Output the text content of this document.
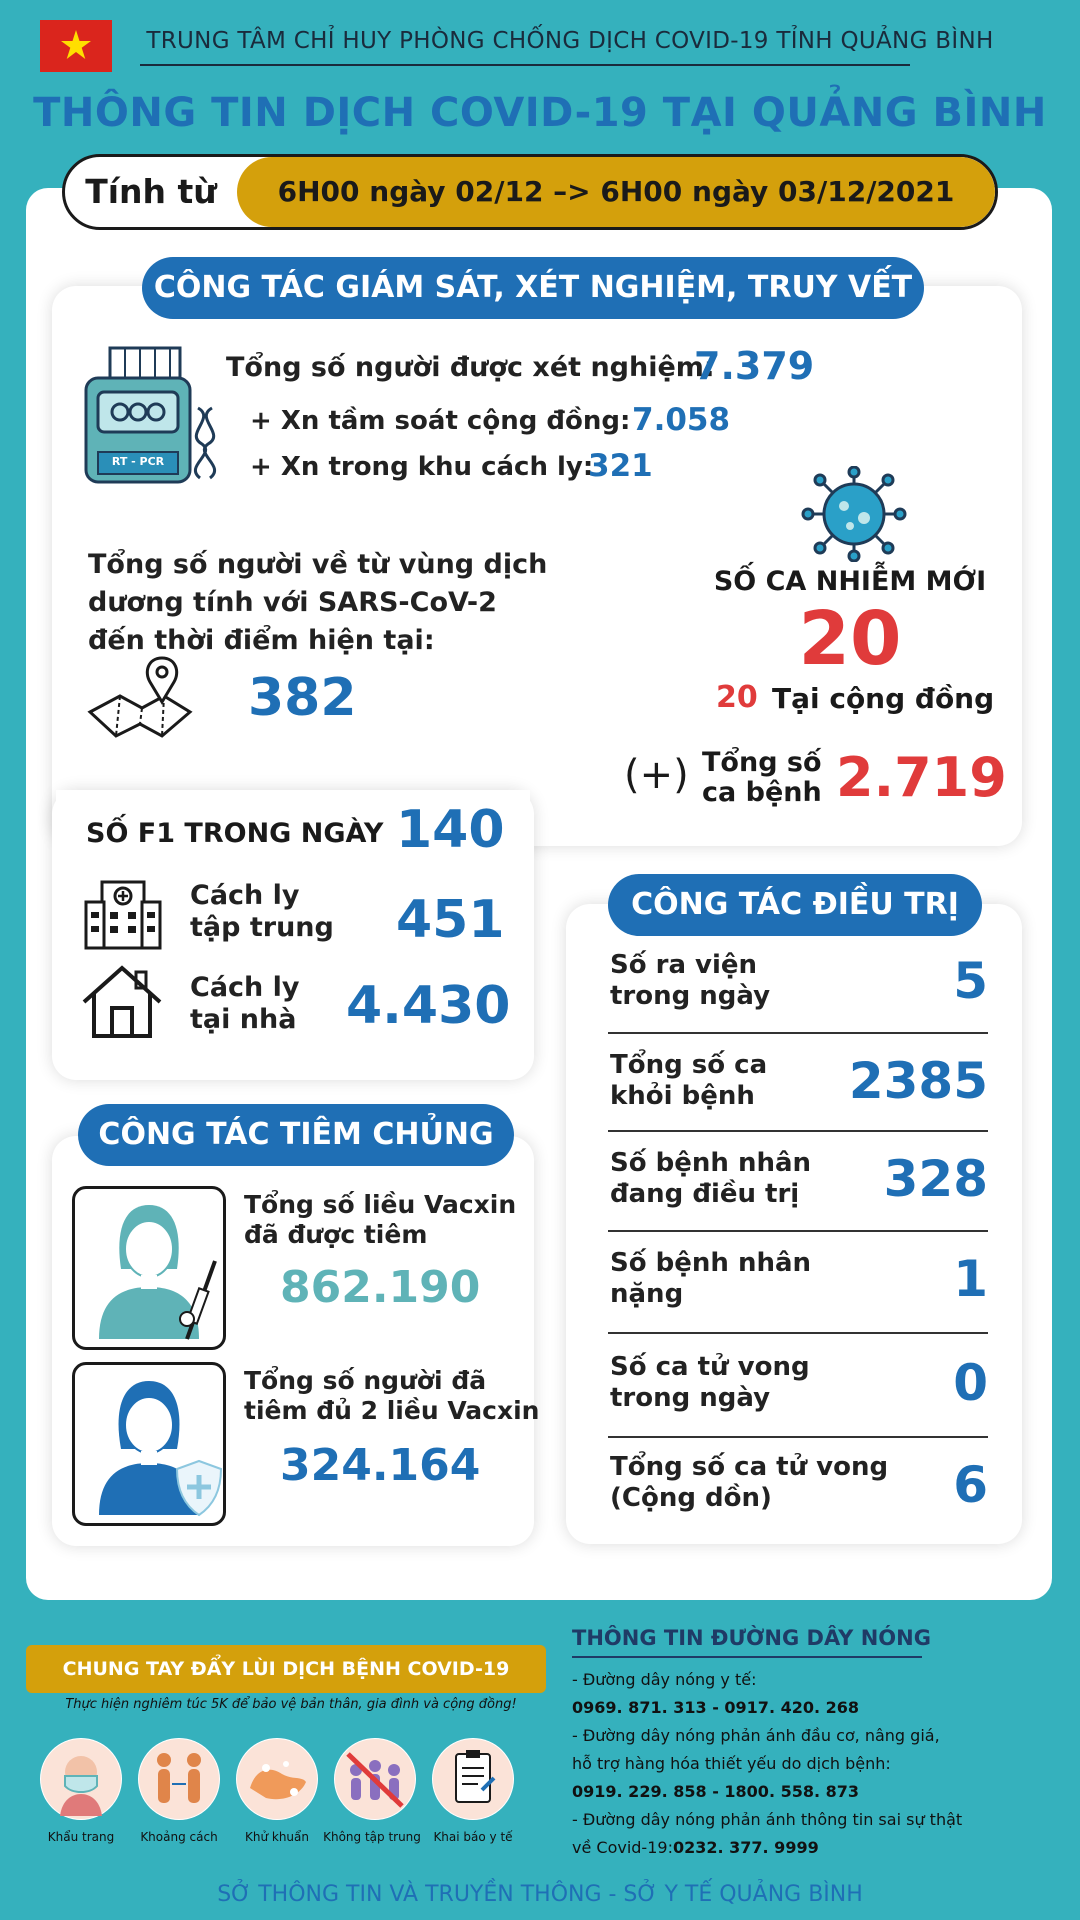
TRUNG TÂM CHỈ HUY PHÒNG CHỐNG DỊCH COVID-19 TỈNH QUẢNG BÌNH
THÔNG TIN DỊCH COVID-19 TẠI QUẢNG BÌNH
Tính từ	6H00 ngày 02/12 –> 6H00 ngày 03/12/2021
CÔNG TÁC GIÁM SÁT, XÉT NGHIỆM, TRUY VẾT
RT - PCR
Tổng số người được xét nghiệm:
7.379
+ Xn tầm soát cộng đồng: 7.058
+ Xn trong khu cách ly:
321
Tổng số người về từ vùng dịch
dương tính với SARS-CoV-2
đến thời điểm hiện tại:
382
SỐ CA NHIỄM MỚI
20
20 Tại cộng đồng
(+) Tổng số
ca bệnh 2.719
SỐ F1 TRONG NGÀY 140
Cách ly
tập trung 451
Cách ly
tại nhà 4.430
CÔNG TÁC ĐIỀU TRỊ
Số ra viện
trong ngày	5
Tổng số ca
khỏi bệnh 2385
Số bệnh nhân
đang điều trị 328
Số bệnh nhân
nặng	1
Số ca tử vong
trong ngày	0
Tổng số ca tử vong
(Cộng dồn)	6
CÔNG TÁC TIÊM CHỦNG
Tổng số liều Vacxin
đã được tiêm
862.190
Tổng số người đã
tiêm đủ 2 liều Vacxin
324.164
CHUNG TAY ĐẨY LÙI DỊCH BỆNH COVID-19
Thực hiện nghiêm túc 5K để bảo vệ bản thân, gia đình và cộng đồng!
Khẩu trang	Khoảng cách	Khử khuẩn	Không tập trung	Khai báo y tế
THÔNG TIN ĐƯỜNG DÂY NÓNG
- Đường dây nóng y tế:
0969. 871. 313 - 0917. 420. 268
- Đường dây nóng phản ánh đầu cơ, nâng giá,
hỗ trợ hàng hóa thiết yếu do dịch bệnh:
0919. 229. 858 - 1800. 558. 873
- Đường dây nóng phản ánh thông tin sai sự thật
về Covid-19:0232. 377. 9999
SỞ THÔNG TIN VÀ TRUYỀN THÔNG - SỞ Y TẾ QUẢNG BÌNH
